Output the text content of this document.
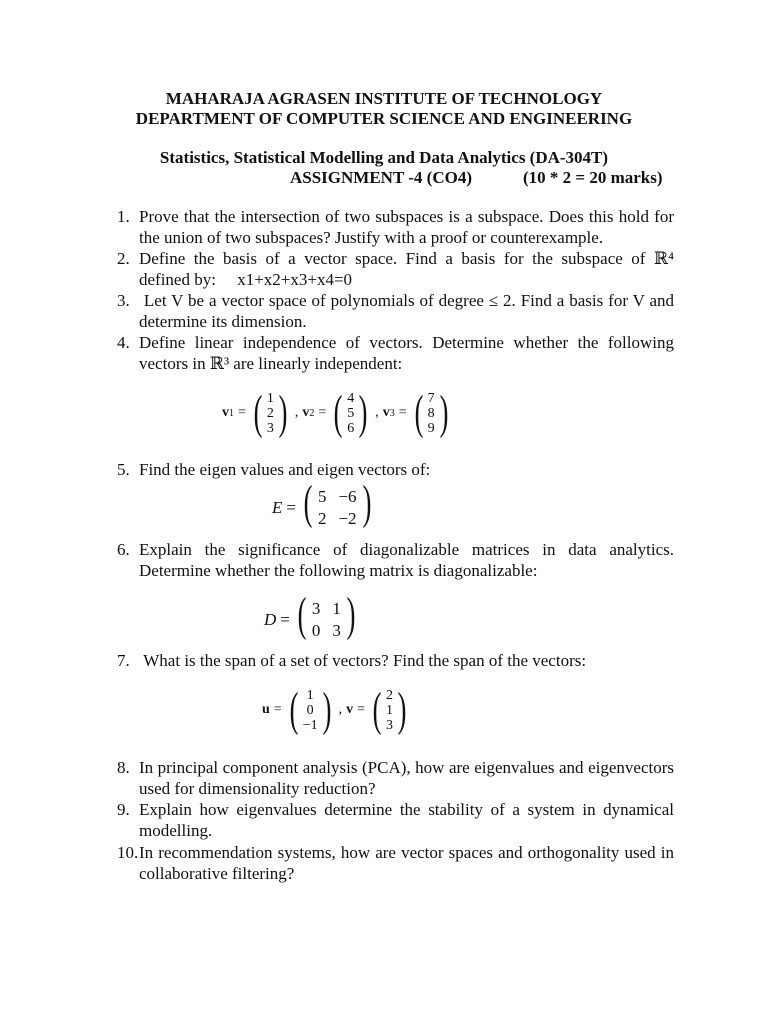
MAHARAJA AGRASEN INSTITUTE OF TECHNOLOGY
DEPARTMENT OF COMPUTER SCIENCE AND ENGINEERING
Statistics, Statistical Modelling and Data Analytics (DA-304T)
ASSIGNMENT -4 (CO4)	(10 * 2 = 20 marks)
1. Prove that the intersection of two subspaces is a subspace. Does this hold for the union of two subspaces? Justify with a proof or counterexample.
2. Define the basis of a vector space. Find a basis for the subspace of ℝ⁴
defined by:     x1+x2+x3+x4=0
3. Let V be a vector space of polynomials of degree ≤ 2. Find a basis for V and determine its dimension.
4. Define linear independence of vectors. Determine whether the following vectors in ℝ³ are linearly independent:
v 1 = ( 1
2
3 ) , v 2 = ( 4
5
6 ) , v 3 = ( 7
8
9 )
5. Find the eigen values and eigen vectors of:
E = ( 5 −6
2 −2 )
6. Explain the significance of diagonalizable matrices in data analytics. Determine whether the following matrix is diagonalizable:
D = ( 3 1
0 3 )
7. What is the span of a set of vectors? Find the span of the vectors:
u = ( 1
0
−1 ) , v = ( 2
1
3 )
8. In principal component analysis (PCA), how are eigenvalues and eigenvectors used for dimensionality reduction?
9. Explain how eigenvalues determine the stability of a system in dynamical modelling.
10. In recommendation systems, how are vector spaces and orthogonality used in collaborative filtering?
